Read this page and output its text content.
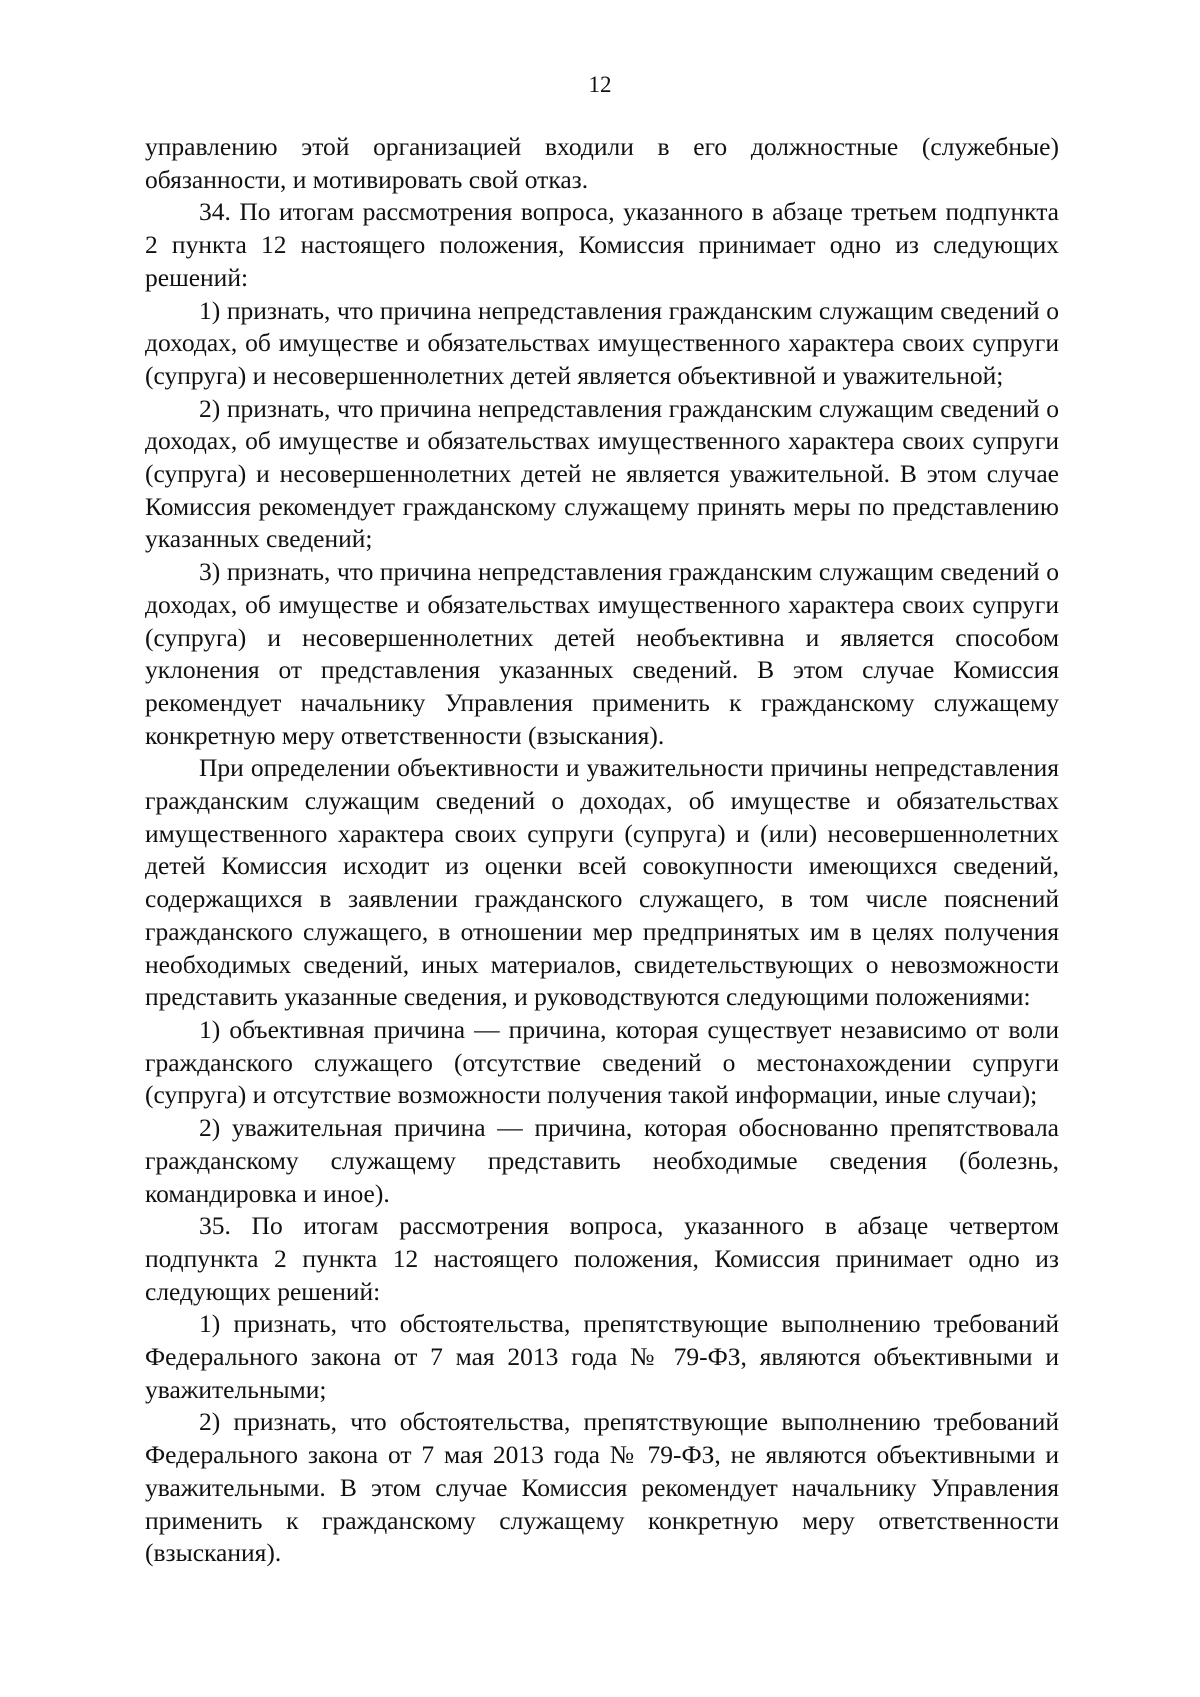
12

управлению этой организацией входили в его должностные (служебные) обязанности, и мотивировать свой отказ.

34. По итогам рассмотрения вопроса, указанного в абзаце третьем подпункта 2 пункта 12 настоящего положения, Комиссия принимает одно из следующих решений:

1) признать, что причина непредставления гражданским служащим сведений о доходах, об имуществе и обязательствах имущественного характера своих супруги (супруга) и несовершеннолетних детей является объективной и уважительной;

2) признать, что причина непредставления гражданским служащим сведений о доходах, об имуществе и обязательствах имущественного характера своих супруги (супруга) и несовершеннолетних детей не является уважительной. В этом случае Комиссия рекомендует гражданскому служащему принять меры по представлению указанных сведений;

3) признать, что причина непредставления гражданским служащим сведений о доходах, об имуществе и обязательствах имущественного характера своих супруги (супруга) и несовершеннолетних детей необъективна и является способом уклонения от представления указанных сведений. В этом случае Комиссия рекомендует начальнику Управления применить к гражданскому служащему конкретную меру ответственности (взыскания).

При определении объективности и уважительности причины непредставления гражданским служащим сведений о доходах, об имуществе и обязательствах имущественного характера своих супруги (супруга) и (или) несовершеннолетних детей Комиссия исходит из оценки всей совокупности имеющихся сведений, содержащихся в заявлении гражданского служащего, в том числе пояснений гражданского служащего, в отношении мер предпринятых им в целях получения необходимых сведений, иных материалов, свидетельствующих о невозможности представить указанные сведения, и руководствуются следующими положениями:

1) объективная причина — причина, которая существует независимо от воли гражданского служащего (отсутствие сведений о местонахождении супруги (супруга) и отсутствие возможности получения такой информации, иные случаи);

2) уважительная причина — причина, которая обоснованно препятствовала гражданскому служащему представить необходимые сведения (болезнь, командировка и иное).

35. По итогам рассмотрения вопроса, указанного в абзаце четвертом подпункта 2 пункта 12 настоящего положения, Комиссия принимает одно из следующих решений:

1) признать, что обстоятельства, препятствующие выполнению требований Федерального закона от 7 мая 2013 года № 79-ФЗ, являются объективными и уважительными;

2) признать, что обстоятельства, препятствующие выполнению требований Федерального закона от 7 мая 2013 года № 79-ФЗ, не являются объективными и уважительными. В этом случае Комиссия рекомендует начальнику Управления применить к гражданскому служащему конкретную меру ответственности (взыскания).
